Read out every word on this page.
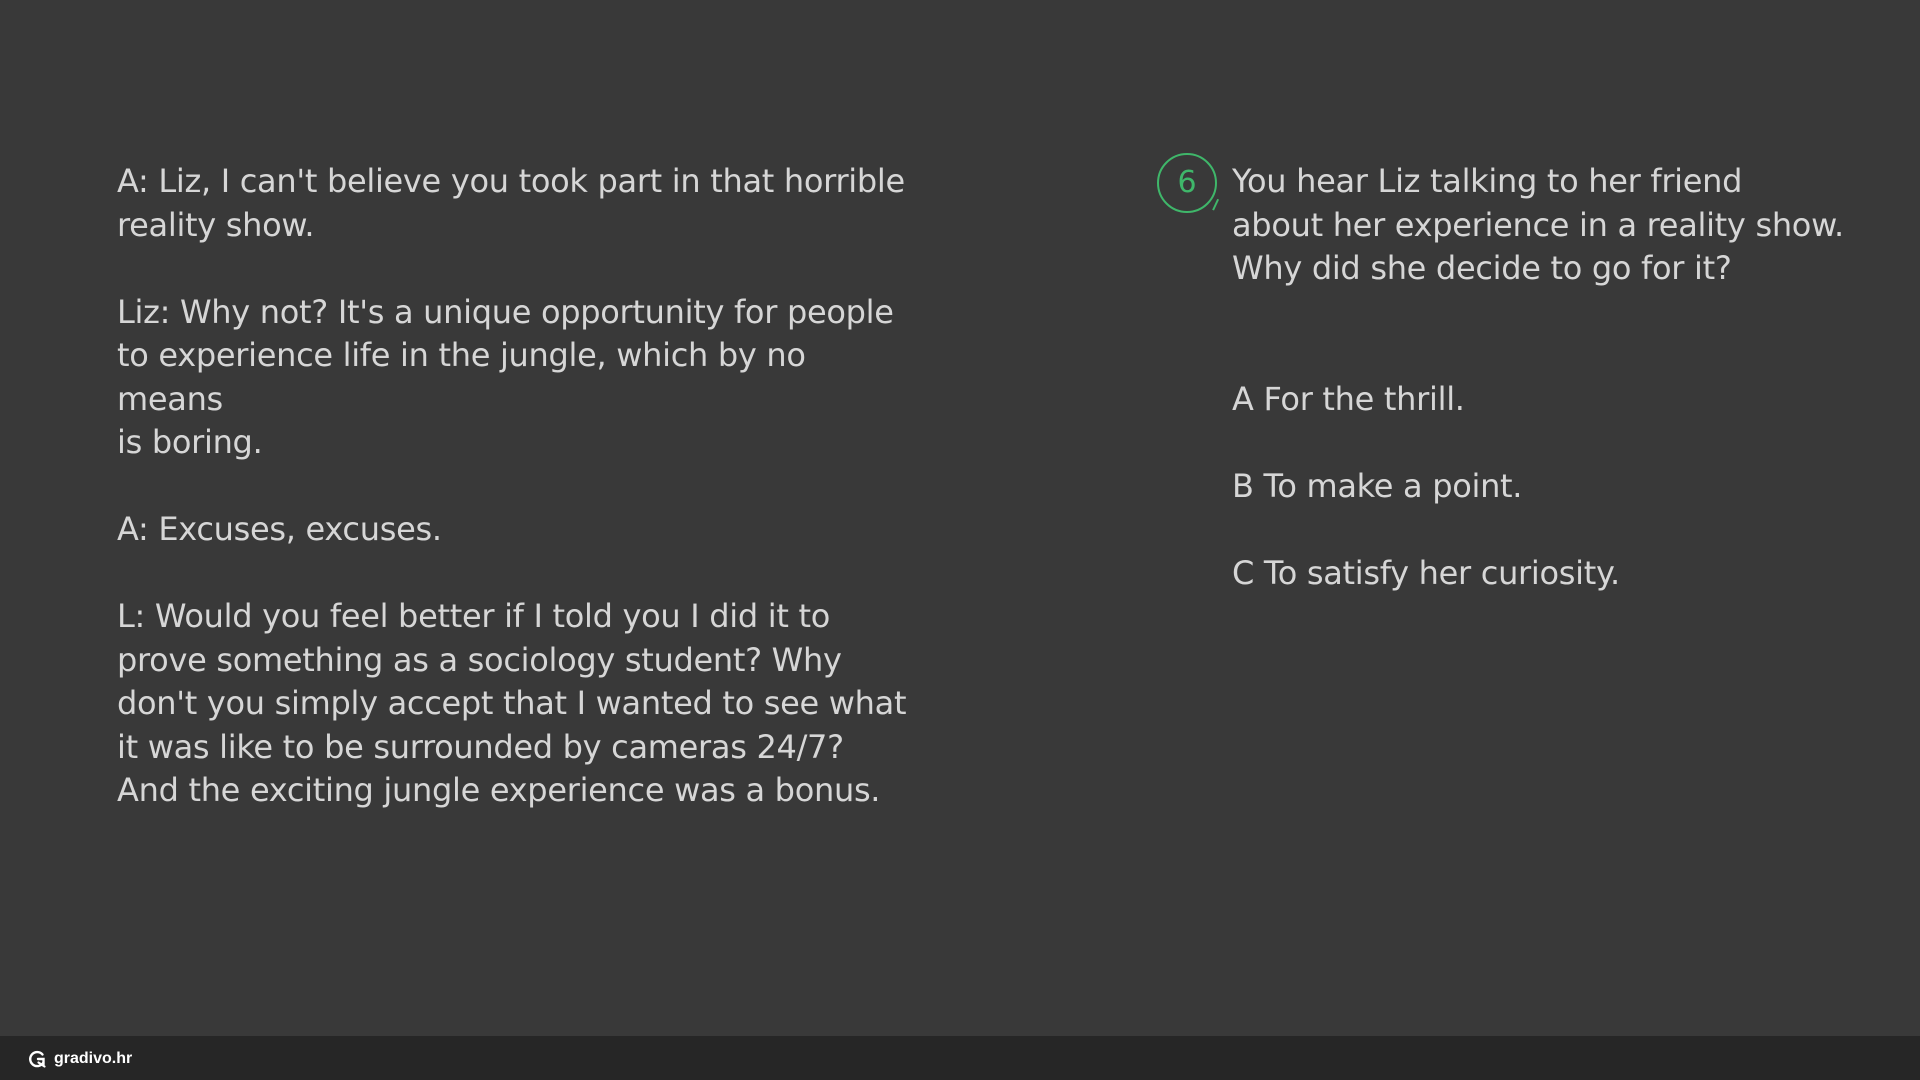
A: Liz, I can't believe you took part in that horrible
reality show.

Liz: Why not? It's a unique opportunity for people
to experience life in the jungle, which by no means
is boring.

A: Excuses, excuses.

L: Would you feel better if I told you I did it to
prove something as a sociology student? Why
don't you simply accept that I wanted to see what
it was like to be surrounded by cameras 24/7?
And the exciting jungle experience was a bonus.

6	You hear Liz talking to her friend
about her experience in a reality show.
Why did she decide to go for it?
A For the thrill.
B To make a point.
C To satisfy her curiosity.
gradivo.hr
